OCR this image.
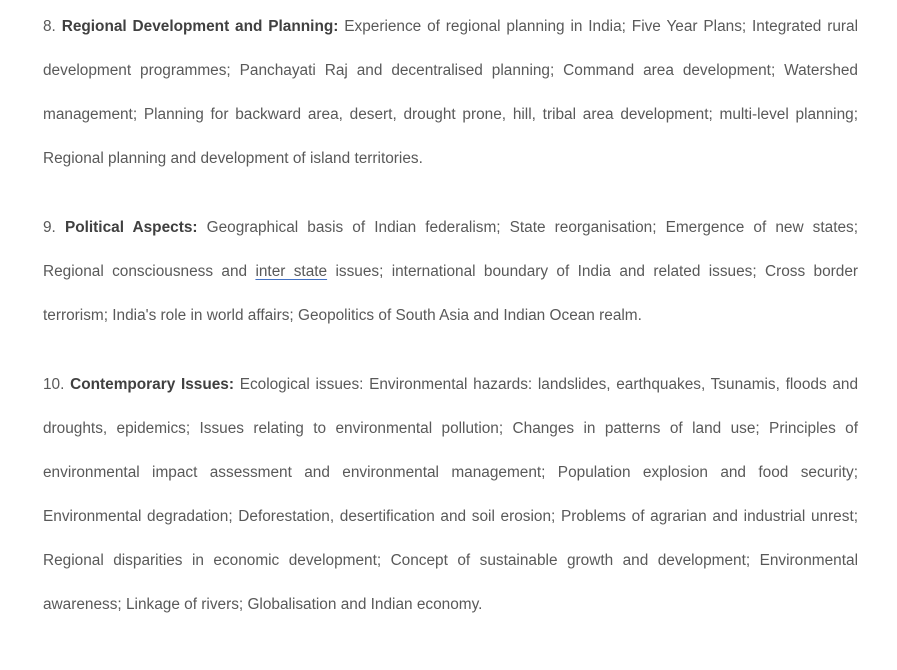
8. Regional Development and Planning: Experience of regional planning in India; Five Year Plans; Integrated rural development programmes; Panchayati Raj and decentralised planning; Command area development; Watershed management; Planning for backward area, desert, drought prone, hill, tribal area development; multi-level planning; Regional planning and development of island territories.

9. Political Aspects: Geographical basis of Indian federalism; State reorganisation; Emergence of new states; Regional consciousness and inter state issues; international boundary of India and related issues; Cross border terrorism; India's role in world affairs; Geopolitics of South Asia and Indian Ocean realm.

10. Contemporary Issues: Ecological issues: Environmental hazards: landslides, earthquakes, Tsunamis, floods and droughts, epidemics; Issues relating to environmental pollution; Changes in patterns of land use; Principles of environmental impact assessment and environmental management; Population explosion and food security; Environmental degradation; Deforestation, desertification and soil erosion; Problems of agrarian and industrial unrest; Regional disparities in economic development; Concept of sustainable growth and development; Environmental awareness; Linkage of rivers; Globalisation and Indian economy.
